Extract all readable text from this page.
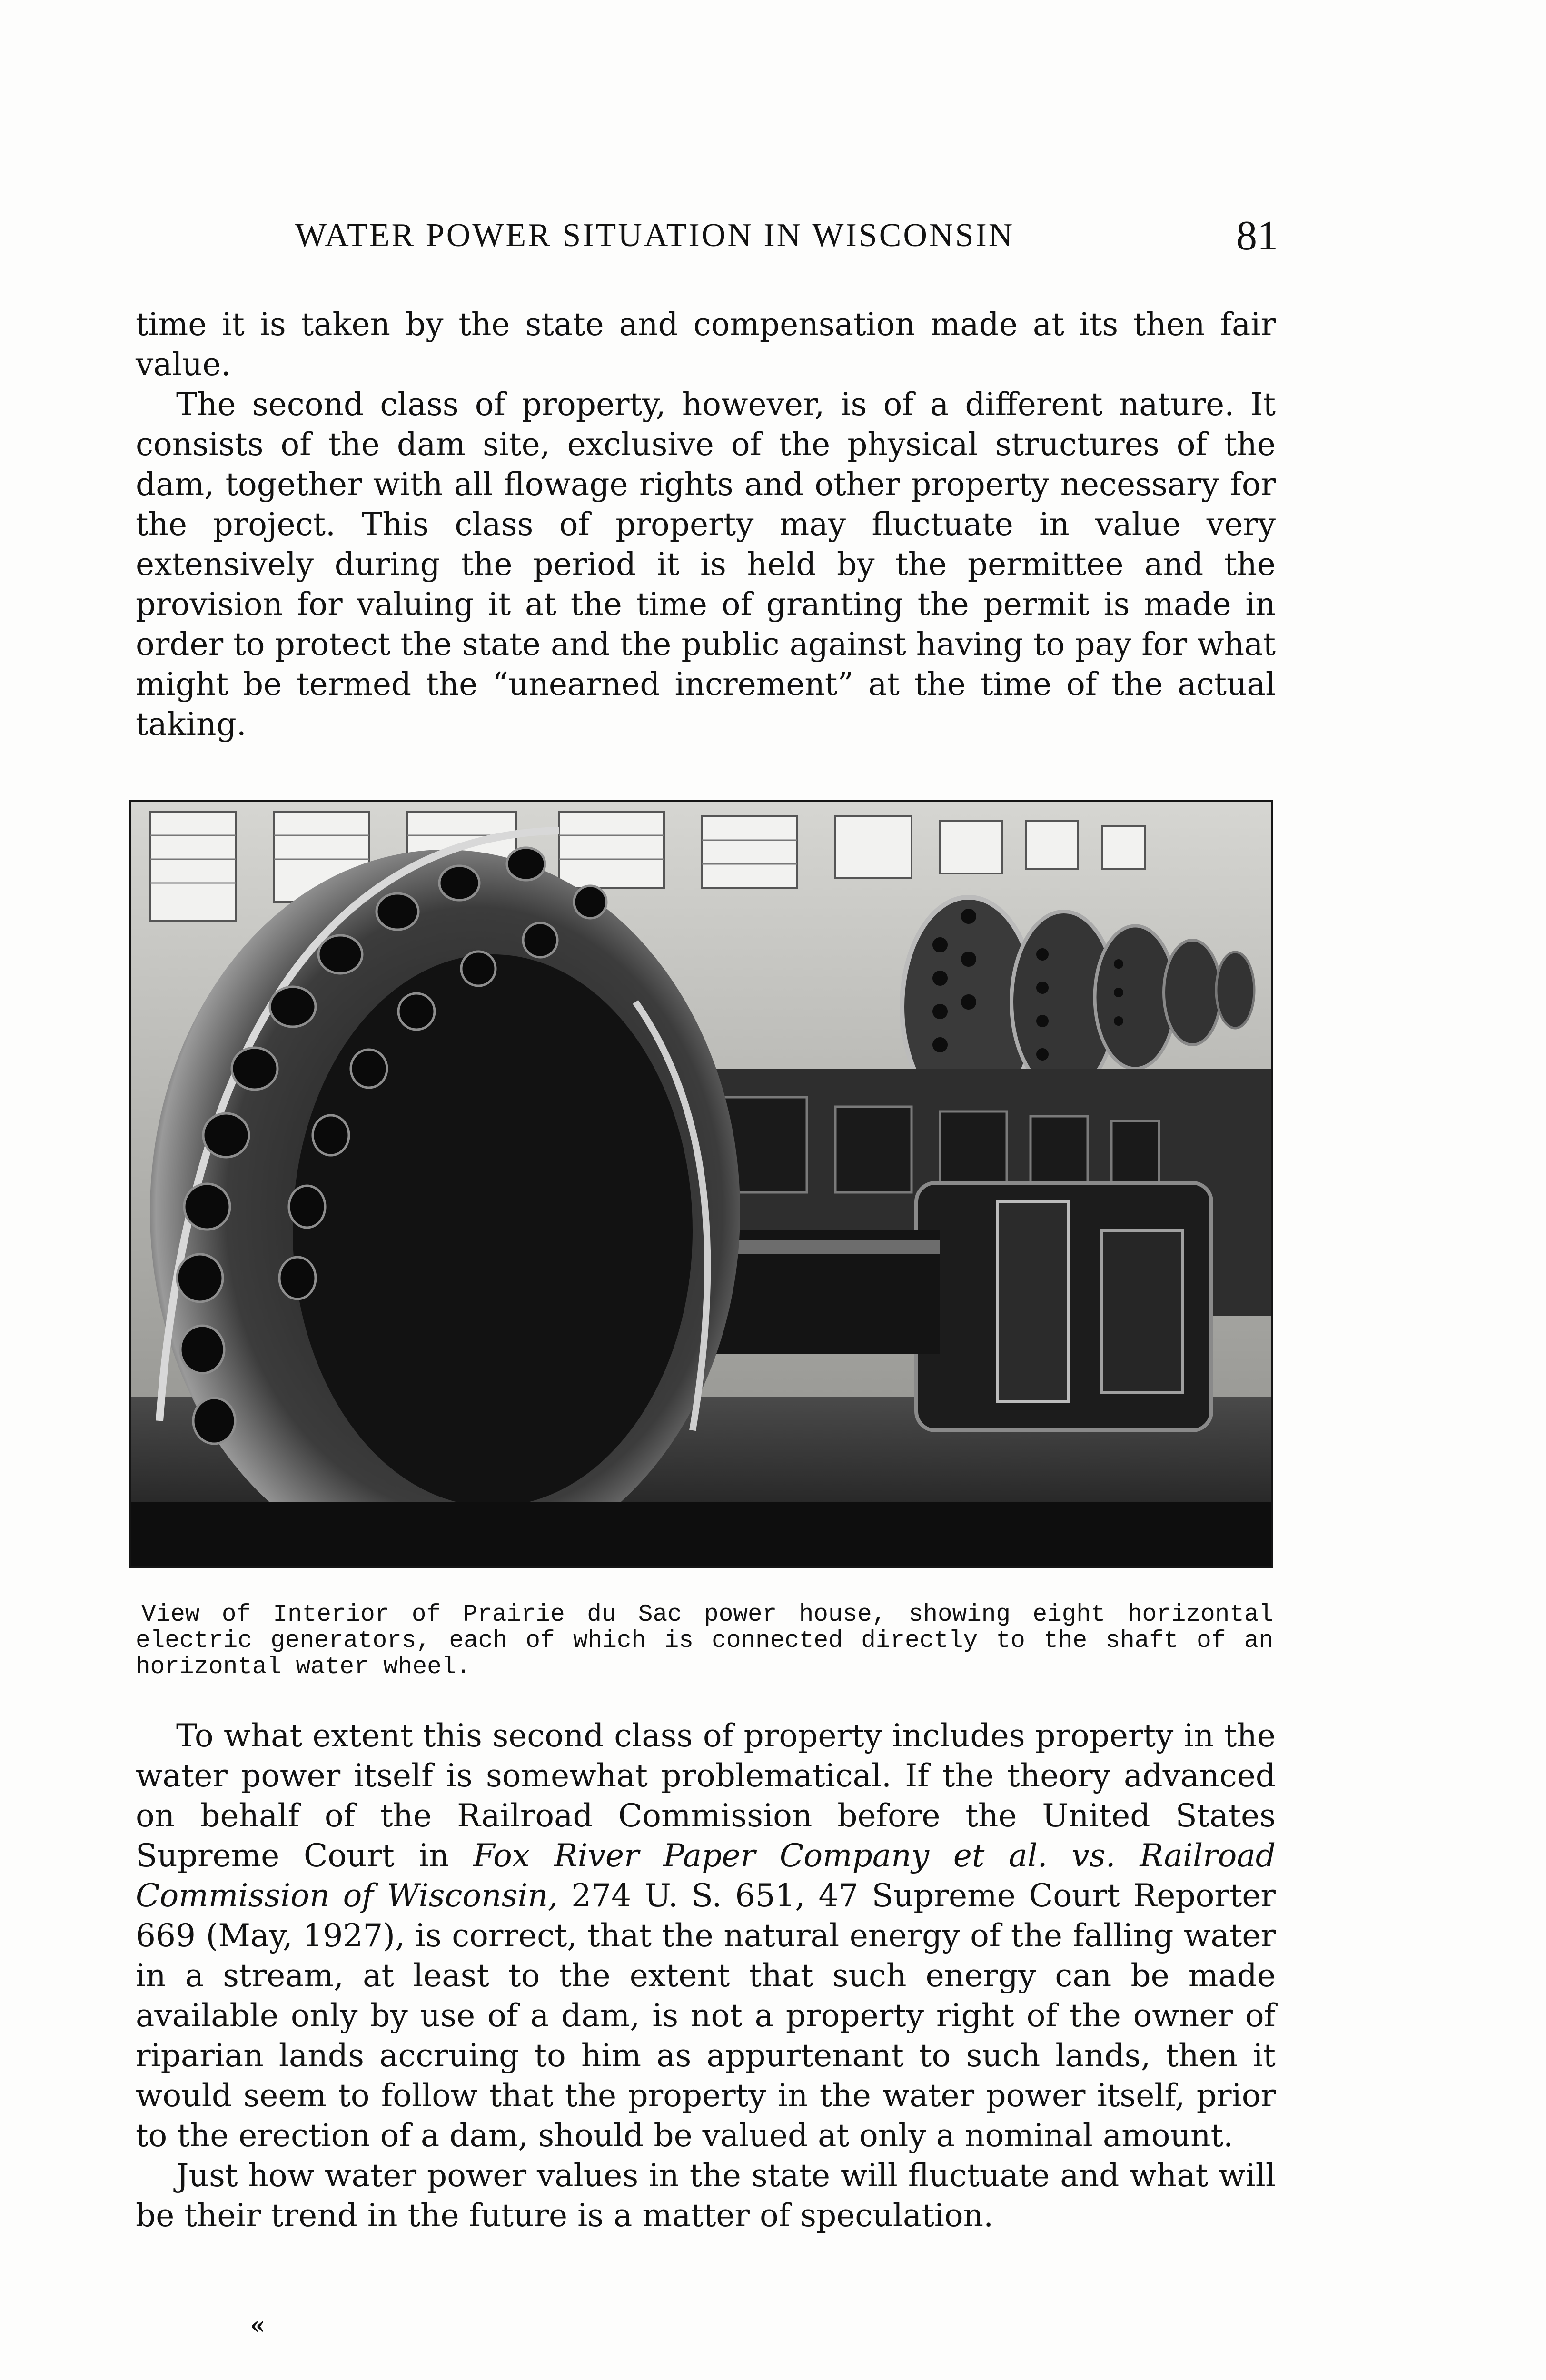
WATER POWER SITUATION IN WISCONSIN	81

time it is taken by the state and compensation made at its then fair value.

The second class of property, however, is of a different nature. It consists of the dam site, exclusive of the physical structures of the dam, together with all flowage rights and other property necessary for the project. This class of property may fluctuate in value very extensively during the period it is held by the permittee and the provision for valuing it at the time of granting the permit is made in order to protect the state and the public against having to pay for what might be termed the “unearned increment” at the time of the actual taking.

View of Interior of Prairie du Sac power house, showing eight horizontal electric generators, each of which is connected directly to the shaft of an horizontal water wheel.

To what extent this second class of property includes property in the water power itself is somewhat problematical. If the theory advanced on behalf of the Railroad Commission before the United States Supreme Court in Fox River Paper Company et al. vs. Railroad Commission of Wisconsin, 274 U. S. 651, 47 Supreme Court Reporter 669 (May, 1927), is correct, that the natural energy of the falling water in a stream, at least to the extent that such energy can be made available only by use of a dam, is not a property right of the owner of riparian lands accruing to him as appurtenant to such lands, then it would seem to follow that the property in the water power itself, prior to the erection of a dam, should be valued at only a nominal amount.

Just how water power values in the state will fluctuate and what will be their trend in the future is a matter of speculation.

«
